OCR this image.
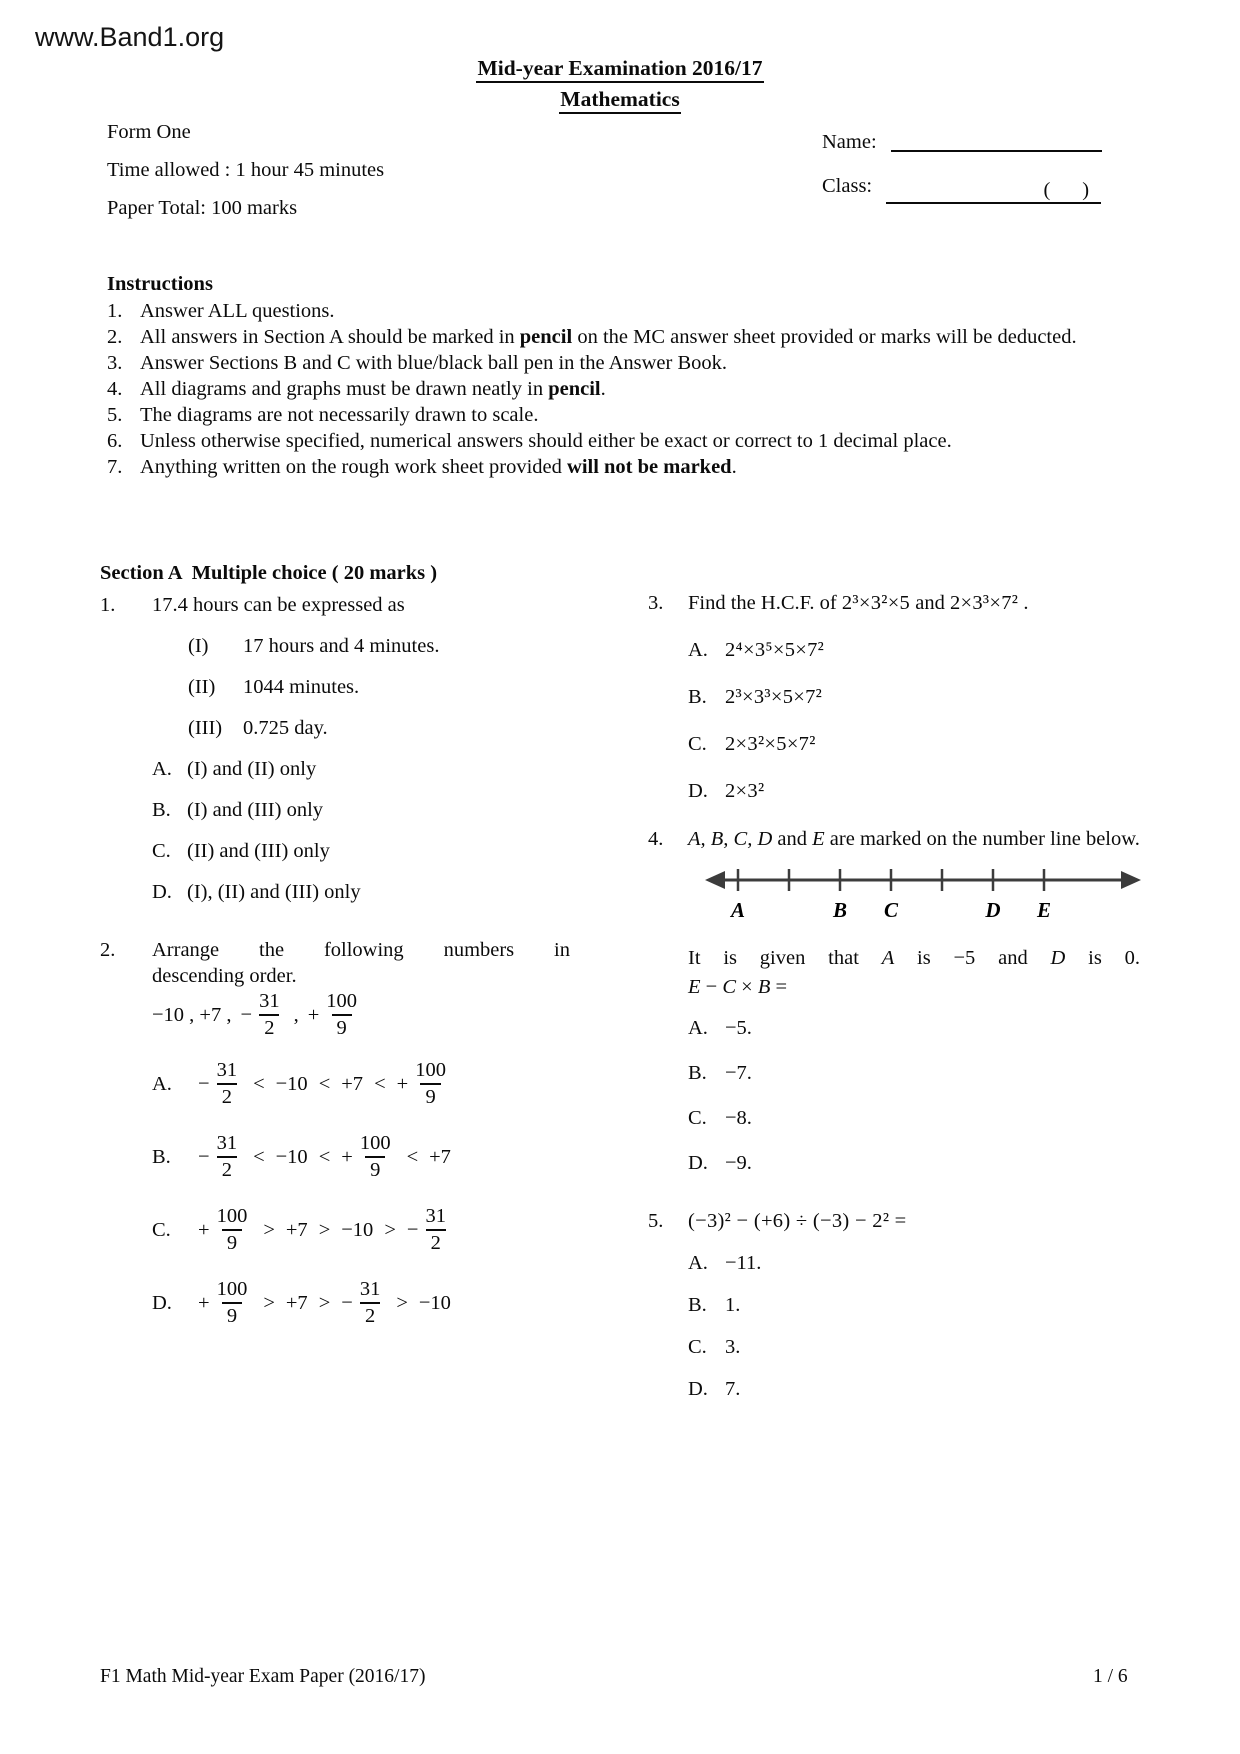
www.Band1.org
Mid-year Examination 2016/17
Mathematics
Form One
Time allowed : 1 hour 45 minutes
Paper Total: 100 marks
Name:
Class:	( )
Instructions
1. Answer ALL questions.
2. All answers in Section A should be marked in pencil on the MC answer sheet provided or marks will be deducted.
3. Answer Sections B and C with blue/black ball pen in the Answer Book.
4. All diagrams and graphs must be drawn neatly in pencil.
5. The diagrams are not necessarily drawn to scale.
6. Unless otherwise specified, numerical answers should either be exact or correct to 1 decimal place.
7. Anything written on the rough work sheet provided will not be marked.
Section A  Multiple choice ( 20 marks )
1. 17.4 hours can be expressed as
(I) 17 hours and 4 minutes.
(II) 1044 minutes.
(III) 0.725 day.
A. (I) and (II) only
B. (I) and (III) only
C. (II) and (III) only
D. (I), (II) and (III) only
2. Arrange the following numbers in
descending order.
−10 , +7 , − $\frac{31}{2}$ , + $\frac{100}{9}$
A.	− $\frac{31}{2} < -10 < +7$ < + $\frac{100}{9}$
B.	− $\frac{31}{2} < -10$ < + $\frac{100}{9} < +7$
C.	+ $\frac{100}{9} > +7 > -10$ > − $\frac{31}{2}$
D.	+ $\frac{100}{9} > +7$ > − $\frac{31}{2} > -10$
3. Find the H.C.F. of 2³×3²×5 and 2×3³×7² .
A. 2⁴×3⁵×5×7²
B. 2³×3³×5×7²
C. 2×3²×5×7²
D. 2×3²
4. A, B, C, D and E are marked on the number line below.
A	B C	D E
It is given that A is −5 and D is 0.
E − C × B =
A. −5.
B. −7.
C. −8.
D. −9.
5. (−3)² − (+6) ÷ (−3) − 2² =
A. −11.
B. 1.
C. 3.
D. 7.
F1 Math Mid-year Exam Paper (2016/17)	1 / 6
